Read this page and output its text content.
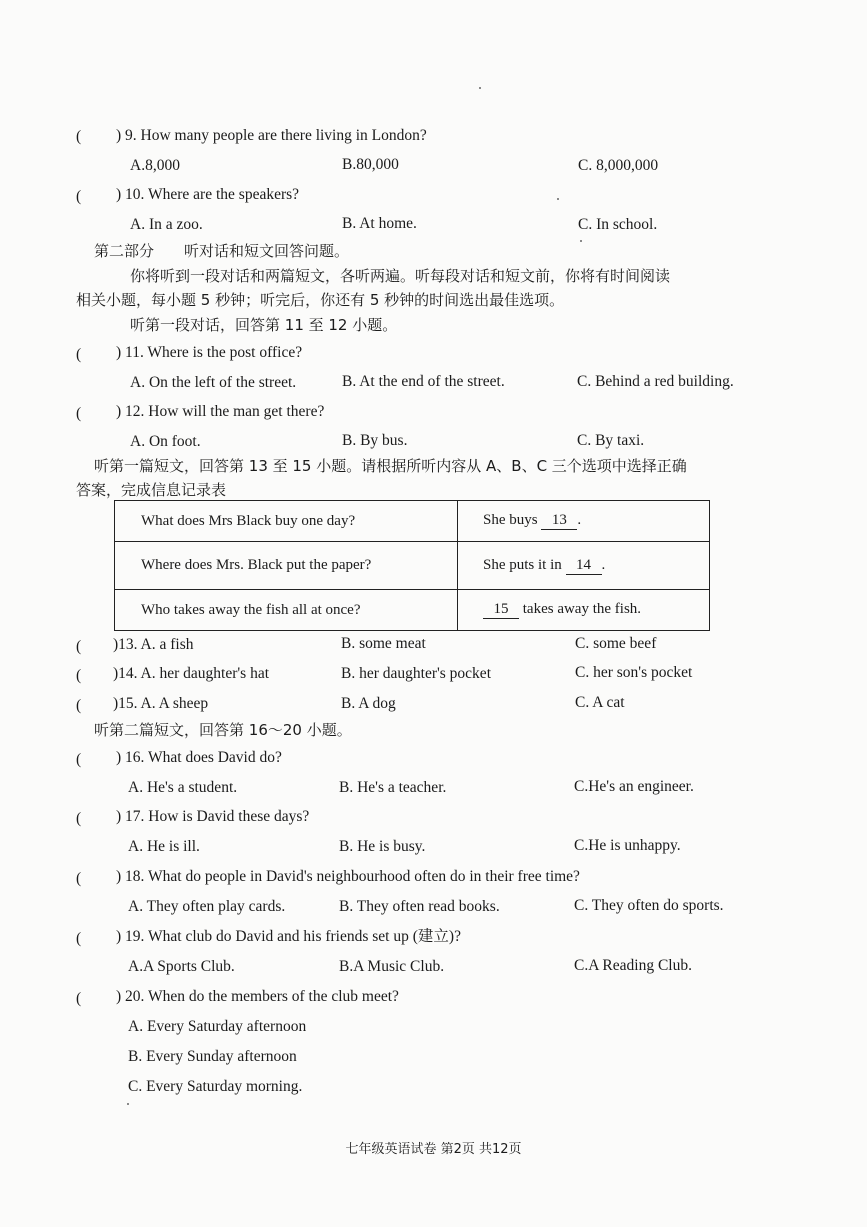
( ) 9. How many people are there living in London?
A.8,000	B.80,000	C. 8,000,000
( ) 10. Where are the speakers?
A. In a zoo.	B. At home.	C. In school.
第二部分　　听对话和短文回答问题。
你将听到一段对话和两篇短文，各听两遍。听每段对话和短文前，你将有时间阅读
相关小题，每小题 5 秒钟；听完后，你还有 5 秒钟的时间选出最佳选项。
听第一段对话，回答第 11 至 12 小题。
( ) 11. Where is the post office?
A. On the left of the street.	B. At the end of the street.	C. Behind a red building.
( ) 12. How will the man get there?
A. On foot.	B. By bus.	C. By taxi.
听第一篇短文，回答第 13 至 15 小题。请根据所听内容从 A、B、C 三个选项中选择正确
答案，完成信息记录表
What does Mrs Black buy one day?	She buys 13 .
Where does Mrs. Black put the paper?	She puts it in 14 .
Who takes away the fish all at once?	15 takes away the fish.
( )13. A. a fish	B. some meat	C. some beef
( )14. A. her daughter's hat	B. her daughter's pocket	C. her son's pocket
( )15. A. A sheep	B. A dog	C. A cat
听第二篇短文，回答第 16～20 小题。
( ) 16. What does David do?
A. He's a student.	B. He's a teacher.	C.He's an engineer.
( ) 17. How is David these days?
A. He is ill.	B. He is busy.	C.He is unhappy.
( ) 18. What do people in David's neighbourhood often do in their free time?
A. They often play cards.	B. They often read books.	C. They often do sports.
( ) 19. What club do David and his friends set up (建立)?
A.A Sports Club.	B.A Music Club.	C.A Reading Club.
( ) 20. When do the members of the club meet?
A. Every Saturday afternoon
B. Every Sunday afternoon
C. Every Saturday morning.
七年级英语试卷 第2页 共12页
